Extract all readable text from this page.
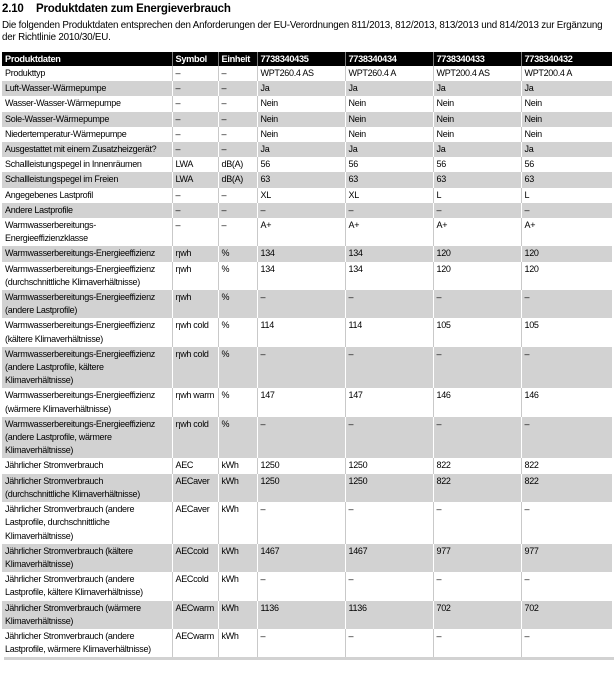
2.10	Produktdaten zum Energieverbrauch
Die folgenden Produktdaten entsprechen den Anforderungen der EU-Verordnungen 811/2013, 812/2013, 813/2013 und 814/2013 zur Ergänzung
der Richtlinie 2010/30/EU.
Produktdaten	Symbol	Einheit	7738340435	7738340434	7738340433	7738340432
Produkttyp	–	–	WPT260.4 AS	WPT260.4 A	WPT200.4 AS	WPT200.4 A
Luft-Wasser-Wärmepumpe	–	–	Ja	Ja	Ja	Ja
Wasser-Wasser-Wärmepumpe	–	–	Nein	Nein	Nein	Nein
Sole-Wasser-Wärmepumpe	–	–	Nein	Nein	Nein	Nein
Niedertemperatur-Wärmepumpe	–	–	Nein	Nein	Nein	Nein
Ausgestattet mit einem Zusatzheizgerät?	–	–	Ja	Ja	Ja	Ja
Schallleistungspegel in Innenräumen	LWA	dB(A)	56	56	56	56
Schallleistungspegel im Freien	LWA	dB(A)	63	63	63	63
Angegebenes Lastprofil	–	–	XL	XL	L	L
Andere Lastprofile	–	–	–	–	–	–
Warmwasserbereitungs-Energieeffizienzklasse	–	–	A+	A+	A+	A+
Warmwasserbereitungs-Energieeffizienz	ηwh	%	134	134	120	120
Warmwasserbereitungs-Energieeffizienz (durchschnittliche Klimaverhältnisse)	ηwh	%	134	134	120	120
Warmwasserbereitungs-Energieeffizienz (andere Lastprofile)	ηwh	%	–	–	–	–
Warmwasserbereitungs-Energieeffizienz (kältere Klimaverhältnisse)	ηwh cold	%	114	114	105	105
Warmwasserbereitungs-Energieeffizienz (andere Lastprofile, kältere Klimaverhältnisse)	ηwh cold	%	–	–	–	–
Warmwasserbereitungs-Energieeffizienz (wärmere Klimaverhältnisse)	ηwh warm	%	147	147	146	146
Warmwasserbereitungs-Energieeffizienz (andere Lastprofile, wärmere Klimaverhältnisse)	ηwh cold	%	–	–	–	–
Jährlicher Stromverbrauch	AEC	kWh	1250	1250	822	822
Jährlicher Stromverbrauch (durchschnittliche Klimaverhältnisse)	AECaver	kWh	1250	1250	822	822
Jährlicher Stromverbrauch (andere Lastprofile, durchschnittliche Klimaverhältnisse)	AECaver	kWh	–	–	–	–
Jährlicher Stromverbrauch (kältere Klimaverhältnisse)	AECcold	kWh	1467	1467	977	977
Jährlicher Stromverbrauch (andere Lastprofile, kältere Klimaverhältnisse)	AECcold	kWh	–	–	–	–
Jährlicher Stromverbrauch (wärmere Klimaverhältnisse)	AECwarm	kWh	1136	1136	702	702
Jährlicher Stromverbrauch (andere Lastprofile, wärmere Klimaverhältnisse)	AECwarm	kWh	–	–	–	–
